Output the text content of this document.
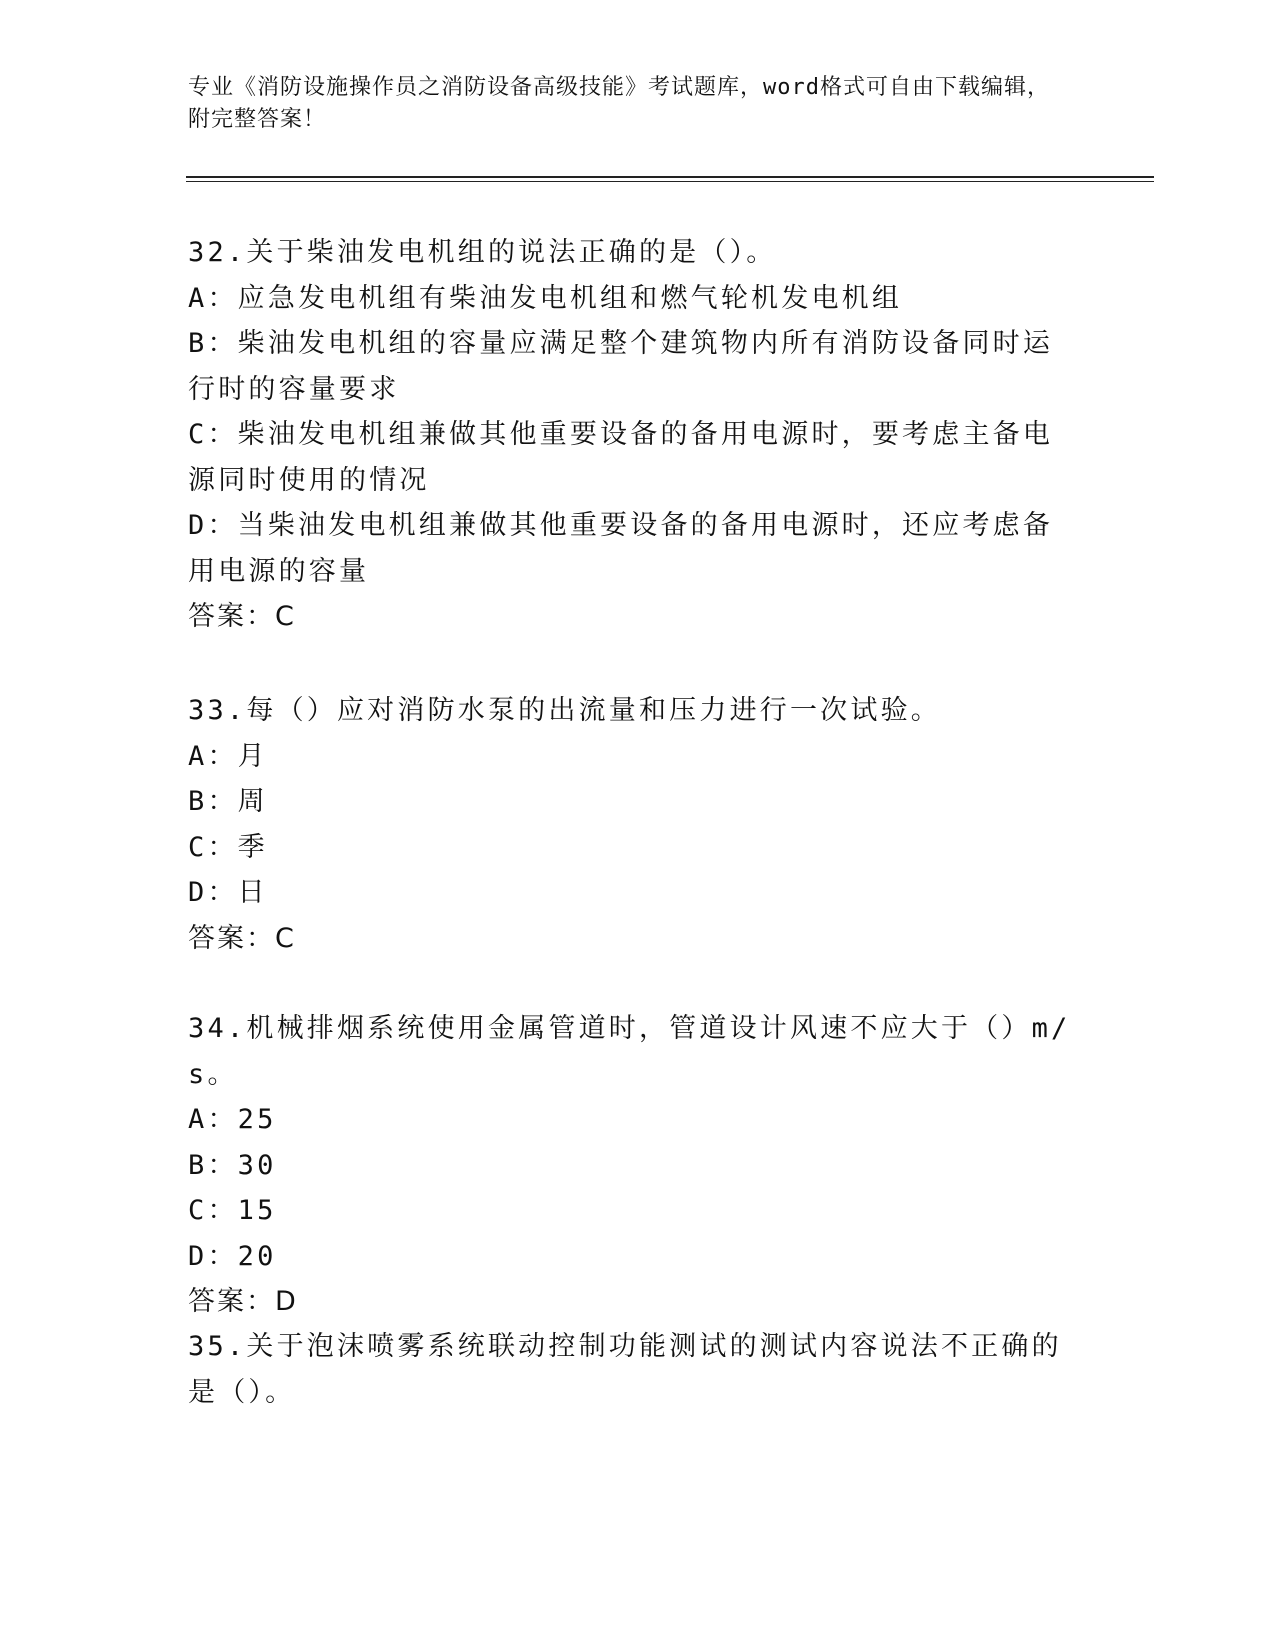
专业《消防设施操作员之消防设备高级技能》考试题库，word格式可自由下载编辑，附完整答案！

32.关于柴油发电机组的说法正确的是（）。

A：应急发电机组有柴油发电机组和燃气轮机发电机组

B：柴油发电机组的容量应满足整个建筑物内所有消防设备同时运行时的容量要求

C：柴油发电机组兼做其他重要设备的备用电源时，要考虑主备电源同时使用的情况

D：当柴油发电机组兼做其他重要设备的备用电源时，还应考虑备用电源的容量

答案：C

33.每（）应对消防水泵的出流量和压力进行一次试验。

A：月

B：周

C：季

D：日

答案：C

34.机械排烟系统使用金属管道时，管道设计风速不应大于（）m/s。

A：25

B：30

C：15

D：20

答案：D

35.关于泡沫喷雾系统联动控制功能测试的测试内容说法不正确的是（）。
